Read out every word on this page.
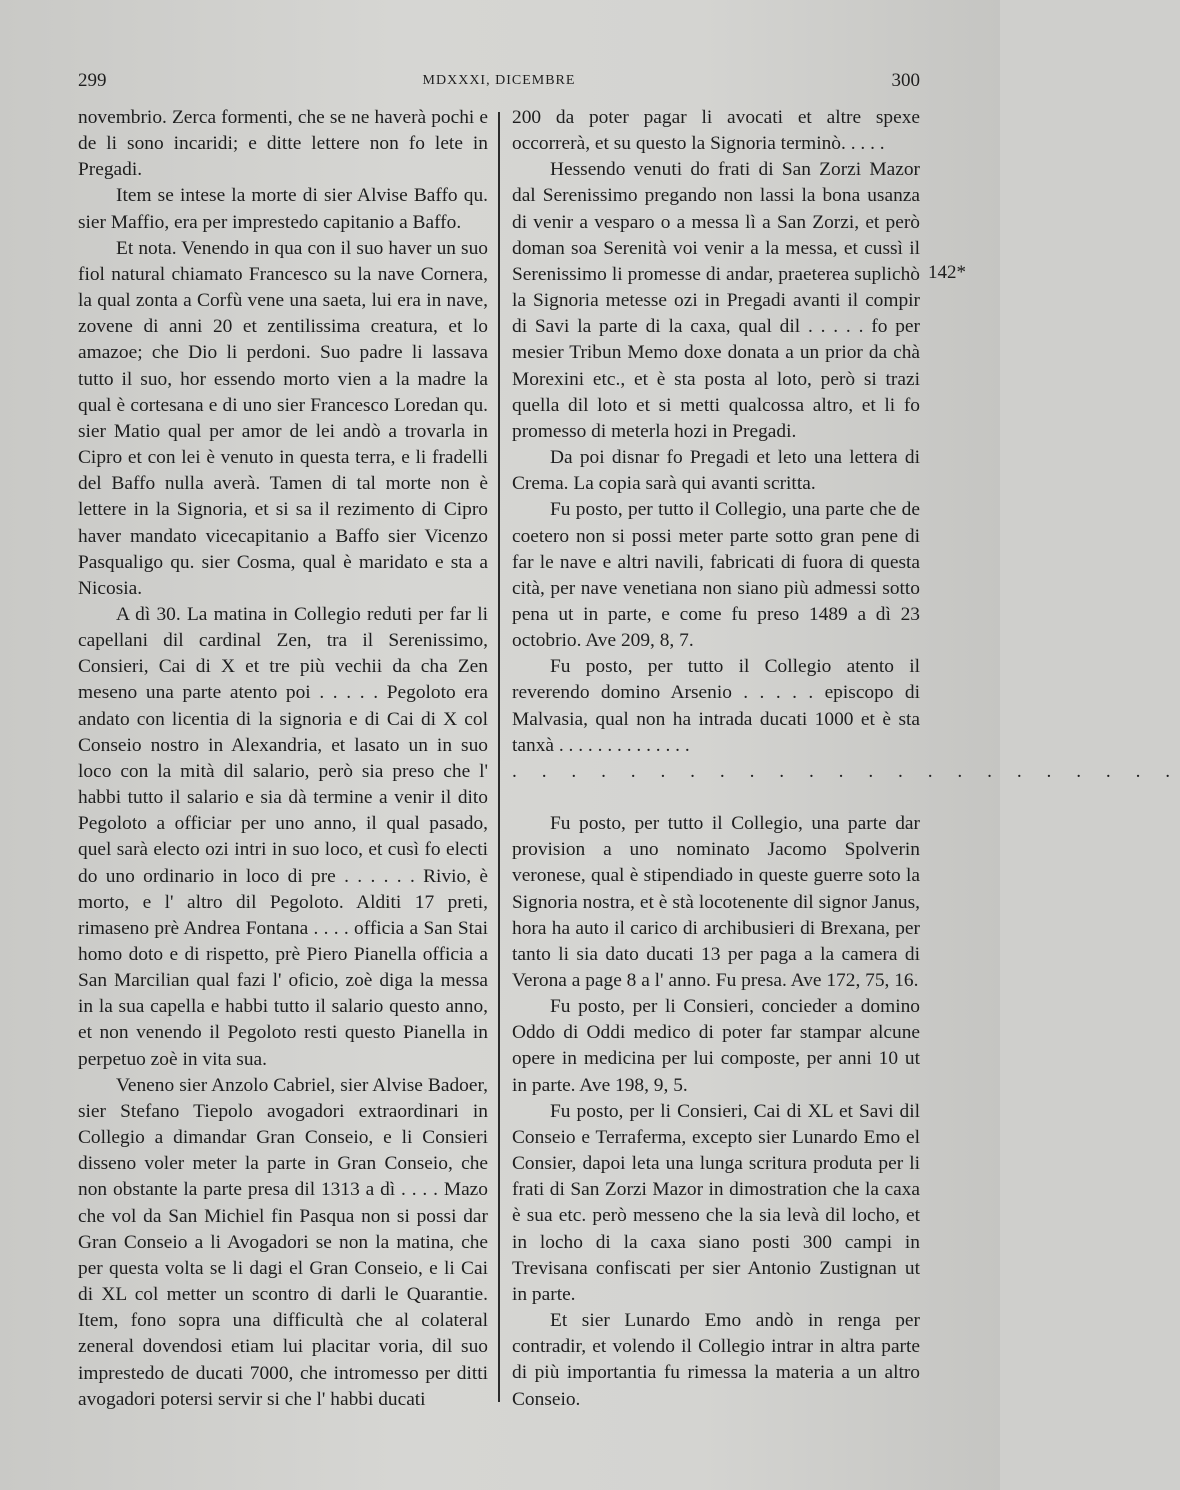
299	MDXXXI, DICEMBRE	300

novembrio. Zerca formenti, che se ne haverà pochi e de li sono incaridi; e ditte lettere non fo lete in Pregadi.

Item se intese la morte di sier Alvise Baffo qu. sier Maffio, era per imprestedo capitanio a Baffo.

Et nota. Venendo in qua con il suo haver un suo fiol natural chiamato Francesco su la nave Cornera, la qual zonta a Corfù vene una saeta, lui era in nave, zovene di anni 20 et zentilissima creatura, et lo amazoe; che Dio li perdoni. Suo padre li lassava tutto il suo, hor essendo morto vien a la madre la qual è cortesana e di uno sier Francesco Loredan qu. sier Matio qual per amor de lei andò a trovarla in Cipro et con lei è venuto in questa terra, e li fradelli del Baffo nulla averà. Tamen di tal morte non è lettere in la Signoria, et si sa il rezimento di Cipro haver mandato vicecapitanio a Baffo sier Vicenzo Pasqualigo qu. sier Cosma, qual è maridato e sta a Nicosia.

A dì 30. La matina in Collegio reduti per far li capellani dil cardinal Zen, tra il Serenissimo, Consieri, Cai di X et tre più vechii da cha Zen meseno una parte atento poi . . . . . Pegoloto era andato con licentia di la signoria e di Cai di X col Conseio nostro in Alexandria, et lasato un in suo loco con la mità dil salario, però sia preso che l' habbi tutto il salario e sia dà termine a venir il dito Pegoloto a officiar per uno anno, il qual pasado, quel sarà electo ozi intri in suo loco, et cusì fo electi do uno ordinario in loco di pre . . . . . . Rivio, è morto, e l' altro dil Pegoloto. Alditi 17 preti, rimaseno prè Andrea Fontana . . . . officia a San Stai homo doto e di rispetto, prè Piero Pianella officia a San Marcilian qual fazi l' oficio, zoè diga la messa in la sua capella e habbi tutto il salario questo anno, et non venendo il Pegoloto resti questo Pianella in perpetuo zoè in vita sua.

Veneno sier Anzolo Cabriel, sier Alvise Badoer, sier Stefano Tiepolo avogadori extraordinari in Collegio a dimandar Gran Conseio, e li Consieri disseno voler meter la parte in Gran Conseio, che non obstante la parte presa dil 1313 a dì . . . . Mazo che vol da San Michiel fin Pasqua non si possi dar Gran Conseio a li Avogadori se non la matina, che per questa volta se li dagi el Gran Conseio, e li Cai di XL col metter un scontro di darli le Quarantie. Item, fono sopra una difficultà che al colateral zeneral dovendosi etiam lui placitar voria, dil suo imprestedo de ducati 7000, che intromesso per ditti avogadori potersi servir si che l' habbi ducati

200 da poter pagar li avocati et altre spexe occorrerà, et su questo la Signoria terminò. . . . .

Hessendo venuti do frati di San Zorzi Mazor dal Serenissimo pregando non lassi la bona usanza di venir a vesparo o a messa lì a San Zorzi, et però doman soa Serenità voi venir a la messa, et cussì il Serenissimo li promesse di andar, praeterea suplichò la Signoria metesse ozi in Pregadi avanti il compir di Savi la parte di la caxa, qual dil . . . . . fo per mesier Tribun Memo doxe donata a un prior da chà Morexini etc., et è sta posta al loto, però si trazi quella dil loto et si metti qualcossa altro, et li fo promesso di meterla hozi in Pregadi.

Da poi disnar fo Pregadi et leto una lettera di Crema. La copia sarà qui avanti scritta.

Fu posto, per tutto il Collegio, una parte che de coetero non si possi meter parte sotto gran pene di far le nave e altri navili, fabricati di fuora di questa cità, per nave venetiana non siano più admessi sotto pena ut in parte, e come fu preso 1489 a dì 23 octobrio. Ave 209, 8, 7.

Fu posto, per tutto il Collegio atento il reverendo domino Arsenio . . . . . episcopo di Malvasia, qual non ha intrada ducati 1000 et è sta tanxà . . . . . . . . . . . . . .

. . . . . . . . . . . . . . . . . . . . . . .

Fu posto, per tutto il Collegio, una parte dar provision a uno nominato Jacomo Spolverin veronese, qual è stipendiado in queste guerre soto la Signoria nostra, et è stà locotenente dil signor Janus, hora ha auto il carico di archibusieri di Brexana, per tanto li sia dato ducati 13 per paga a la camera di Verona a page 8 a l' anno. Fu presa. Ave 172, 75, 16.

Fu posto, per li Consieri, concieder a domino Oddo di Oddi medico di poter far stampar alcune opere in medicina per lui composte, per anni 10 ut in parte. Ave 198, 9, 5.

Fu posto, per li Consieri, Cai di XL et Savi dil Conseio e Terraferma, excepto sier Lunardo Emo el Consier, dapoi leta una lunga scritura produta per li frati di San Zorzi Mazor in dimostration che la caxa è sua etc. però messeno che la sia levà dil locho, et in locho di la caxa siano posti 300 campi in Trevisana confiscati per sier Antonio Zustignan ut in parte.

Et sier Lunardo Emo andò in renga per contradir, et volendo il Collegio intrar in altra parte di più importantia fu rimessa la materia a un altro Conseio.

142*
